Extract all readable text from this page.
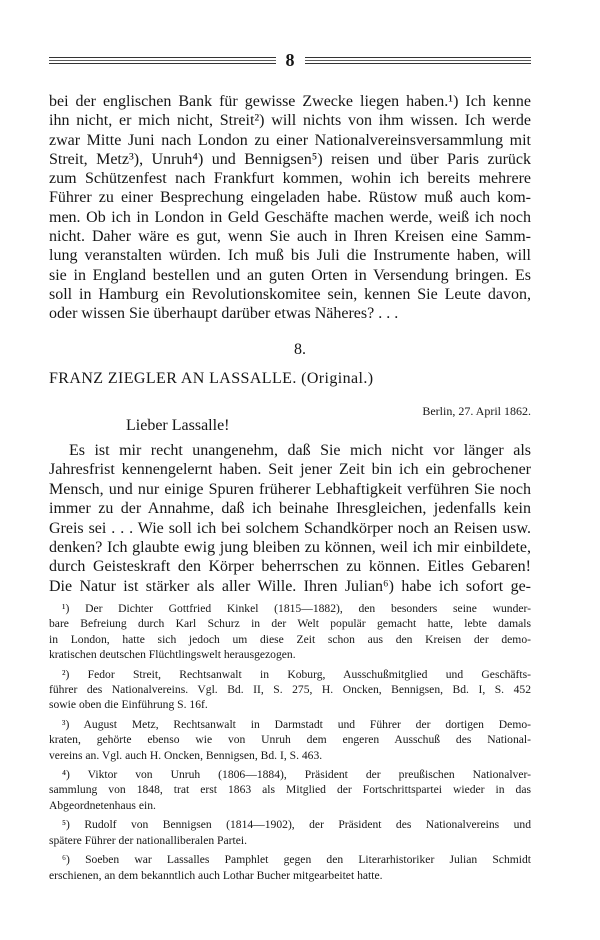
8
bei der englischen Bank für gewisse Zwecke liegen haben.¹) Ich kenne
ihn nicht, er mich nicht, Streit²) will nichts von ihm wissen. Ich werde
zwar Mitte Juni nach London zu einer Nationalvereinsversammlung mit
Streit, Metz³), Unruh⁴) und Bennigsen⁵) reisen und über Paris zurück
zum Schützenfest nach Frankfurt kommen, wohin ich bereits mehrere
Führer zu einer Besprechung eingeladen habe. Rüstow muß auch kom-
men. Ob ich in London in Geld Geschäfte machen werde, weiß ich noch
nicht. Daher wäre es gut, wenn Sie auch in Ihren Kreisen eine Samm-
lung veranstalten würden. Ich muß bis Juli die Instrumente haben, will
sie in England bestellen und an guten Orten in Versendung bringen. Es
soll in Hamburg ein Revolutionskomitee sein, kennen Sie Leute davon,
oder wissen Sie überhaupt darüber etwas Näheres? . . .
8.
FRANZ ZIEGLER AN LASSALLE. (Original.)
Berlin, 27. April 1862.
Lieber Lassalle!
Es ist mir recht unangenehm, daß Sie mich nicht vor länger als
Jahresfrist kennengelernt haben. Seit jener Zeit bin ich ein gebrochener
Mensch, und nur einige Spuren früherer Lebhaftigkeit verführen Sie noch
immer zu der Annahme, daß ich beinahe Ihresgleichen, jedenfalls kein
Greis sei . . . Wie soll ich bei solchem Schandkörper noch an Reisen usw.
denken? Ich glaubte ewig jung bleiben zu können, weil ich mir einbildete,
durch Geisteskraft den Körper beherrschen zu können. Eitles Gebaren!
Die Natur ist stärker als aller Wille. Ihren Julian⁶) habe ich sofort ge-
¹) Der Dichter Gottfried Kinkel (1815—1882), den besonders seine wunder-
bare Befreiung durch Karl Schurz in der Welt populär gemacht hatte, lebte damals
in London, hatte sich jedoch um diese Zeit schon aus den Kreisen der demo-
kratischen deutschen Flüchtlingswelt herausgezogen.
²) Fedor Streit, Rechtsanwalt in Koburg, Ausschußmitglied und Geschäfts-
führer des Nationalvereins. Vgl. Bd. II, S. 275, H. Oncken, Bennigsen, Bd. I, S. 452
sowie oben die Einführung S. 16f.
³) August Metz, Rechtsanwalt in Darmstadt und Führer der dortigen Demo-
kraten, gehörte ebenso wie von Unruh dem engeren Ausschuß des National-
vereins an. Vgl. auch H. Oncken, Bennigsen, Bd. I, S. 463.
⁴) Viktor von Unruh (1806—1884), Präsident der preußischen Nationalver-
sammlung von 1848, trat erst 1863 als Mitglied der Fortschrittspartei wieder in das
Abgeordnetenhaus ein.
⁵) Rudolf von Bennigsen (1814—1902), der Präsident des Nationalvereins und
spätere Führer der nationalliberalen Partei.
⁶) Soeben war Lassalles Pamphlet gegen den Literarhistoriker Julian Schmidt
erschienen, an dem bekanntlich auch Lothar Bucher mitgearbeitet hatte.
